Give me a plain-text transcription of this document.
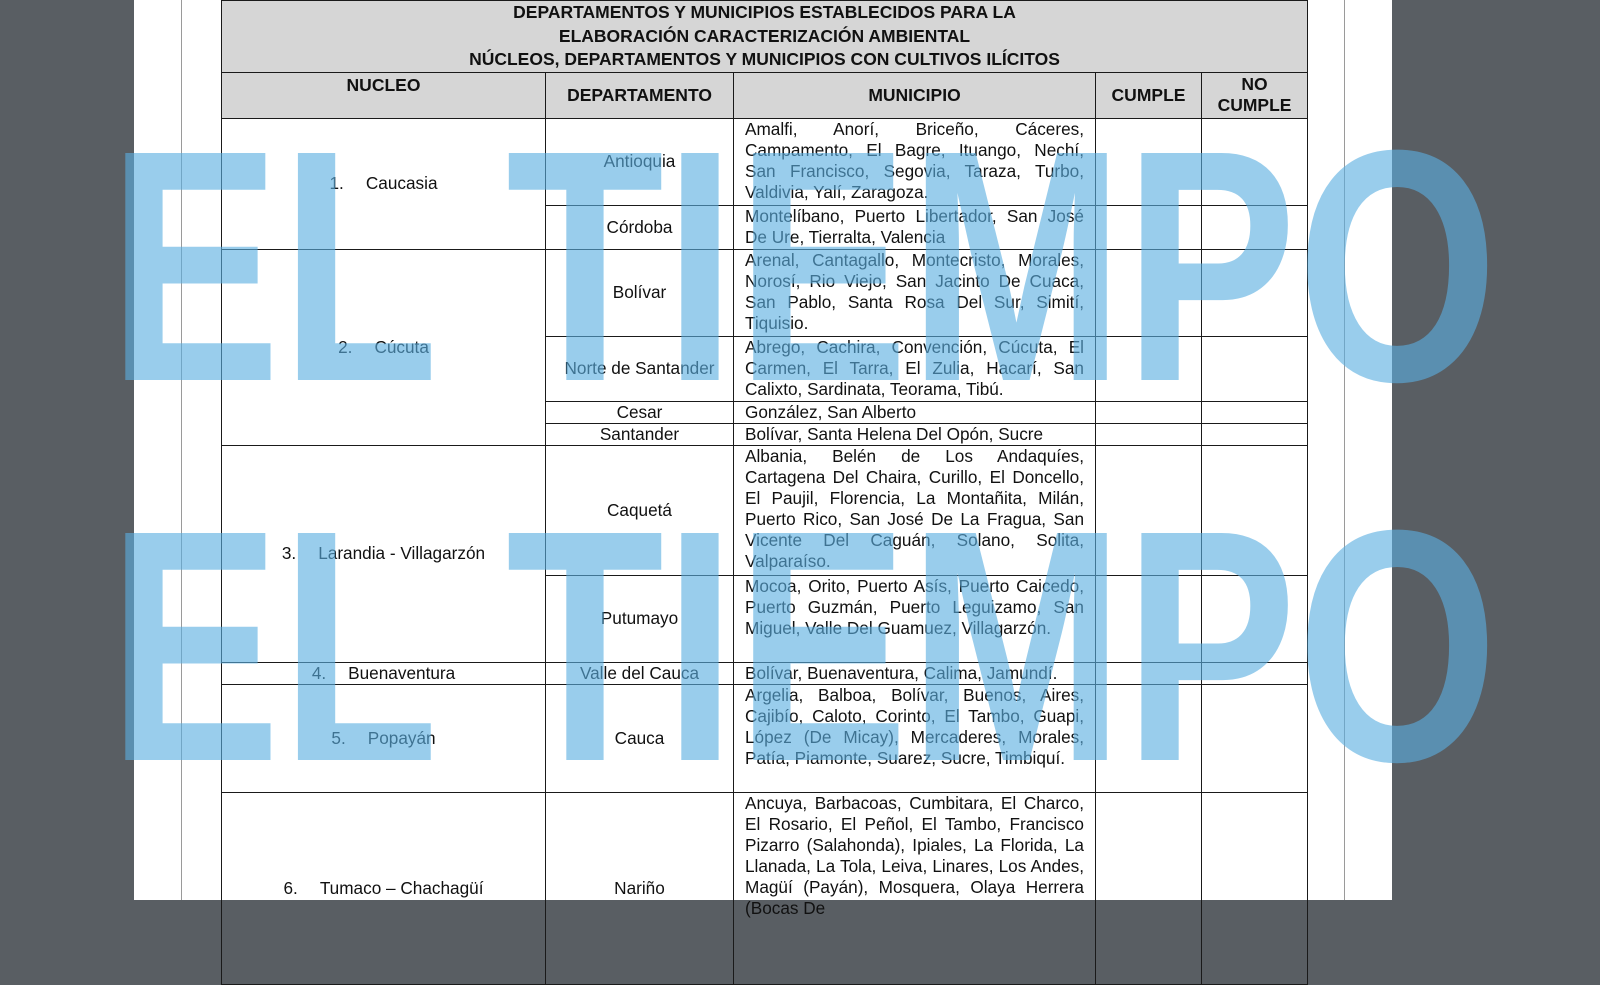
DEPARTAMENTOS Y MUNICIPIOS ESTABLECIDOS PARA LA
ELABORACIÓN CARACTERIZACIÓN AMBIENTAL
NÚCLEOS, DEPARTAMENTOS Y MUNICIPIOS CON CULTIVOS ILÍCITOS				

NUCLEO	DEPARTAMENTO	MUNICIPIO	CUMPLE	NO
CUMPLE

1. Caucasia	Antioquia	Amalfi, Anorí, Briceño, Cáceres, Campamento, El Bagre, Ituango, Nechí, San Francisco, Segovia, Taraza, Turbo, Valdivia, Yalí, Zaragoza.		
	Córdoba	Montelíbano, Puerto Libertador, San José De Ure, Tierralta, Valencia		
2. Cúcuta	Bolívar	Arenal, Cantagallo, Montecristo, Morales, Norosí, Rio Viejo, San Jacinto De Cuaca, San Pablo, Santa Rosa Del Sur, Simití, Tiquisio.		
	Norte de Santander	Abrego, Cachira, Convención, Cúcuta, El Carmen, El Tarra, El Zulia, Hacarí, San Calixto, Sardinata, Teorama, Tibú.		
	Cesar	González, San Alberto		
	Santander	Bolívar, Santa Helena Del Opón, Sucre		
3. Larandia - Villagarzón	Caquetá	Albania, Belén de Los Andaquíes, Cartagena Del Chaira, Curillo, El Doncello, El Paujil, Florencia, La Montañita, Milán, Puerto Rico, San José De La Fragua, San Vicente Del Caguán, Solano, Solita, Valparaíso.		
	Putumayo	Mocoa, Orito, Puerto Asís, Puerto Caicedo, Puerto Guzmán, Puerto Leguizamo, San Miguel, Valle Del Guamuez, Villagarzón.		
4. Buenaventura	Valle del Cauca	Bolívar, Buenaventura, Calima, Jamundí.		
5. Popayán	Cauca	Argelia, Balboa, Bolívar, Buenos, Aires, Cajibío, Caloto, Corinto, El Tambo, Guapi, López (De Micay), Mercaderes, Morales, Patía, Piamonte, Suarez, Sucre, Timbiquí.		
6. Tumaco – Chachagüí	Nariño	Ancuya, Barbacoas, Cumbitara, El Charco, El Rosario, El Peñol, El Tambo, Francisco Pizarro (Salahonda), Ipiales, La Florida, La Llanada, La Tola, Leiva, Linares, Los Andes, Magüí (Payán), Mosquera, Olaya Herrera (Bocas De		
EL TIEMPO
EL TIEMPO
